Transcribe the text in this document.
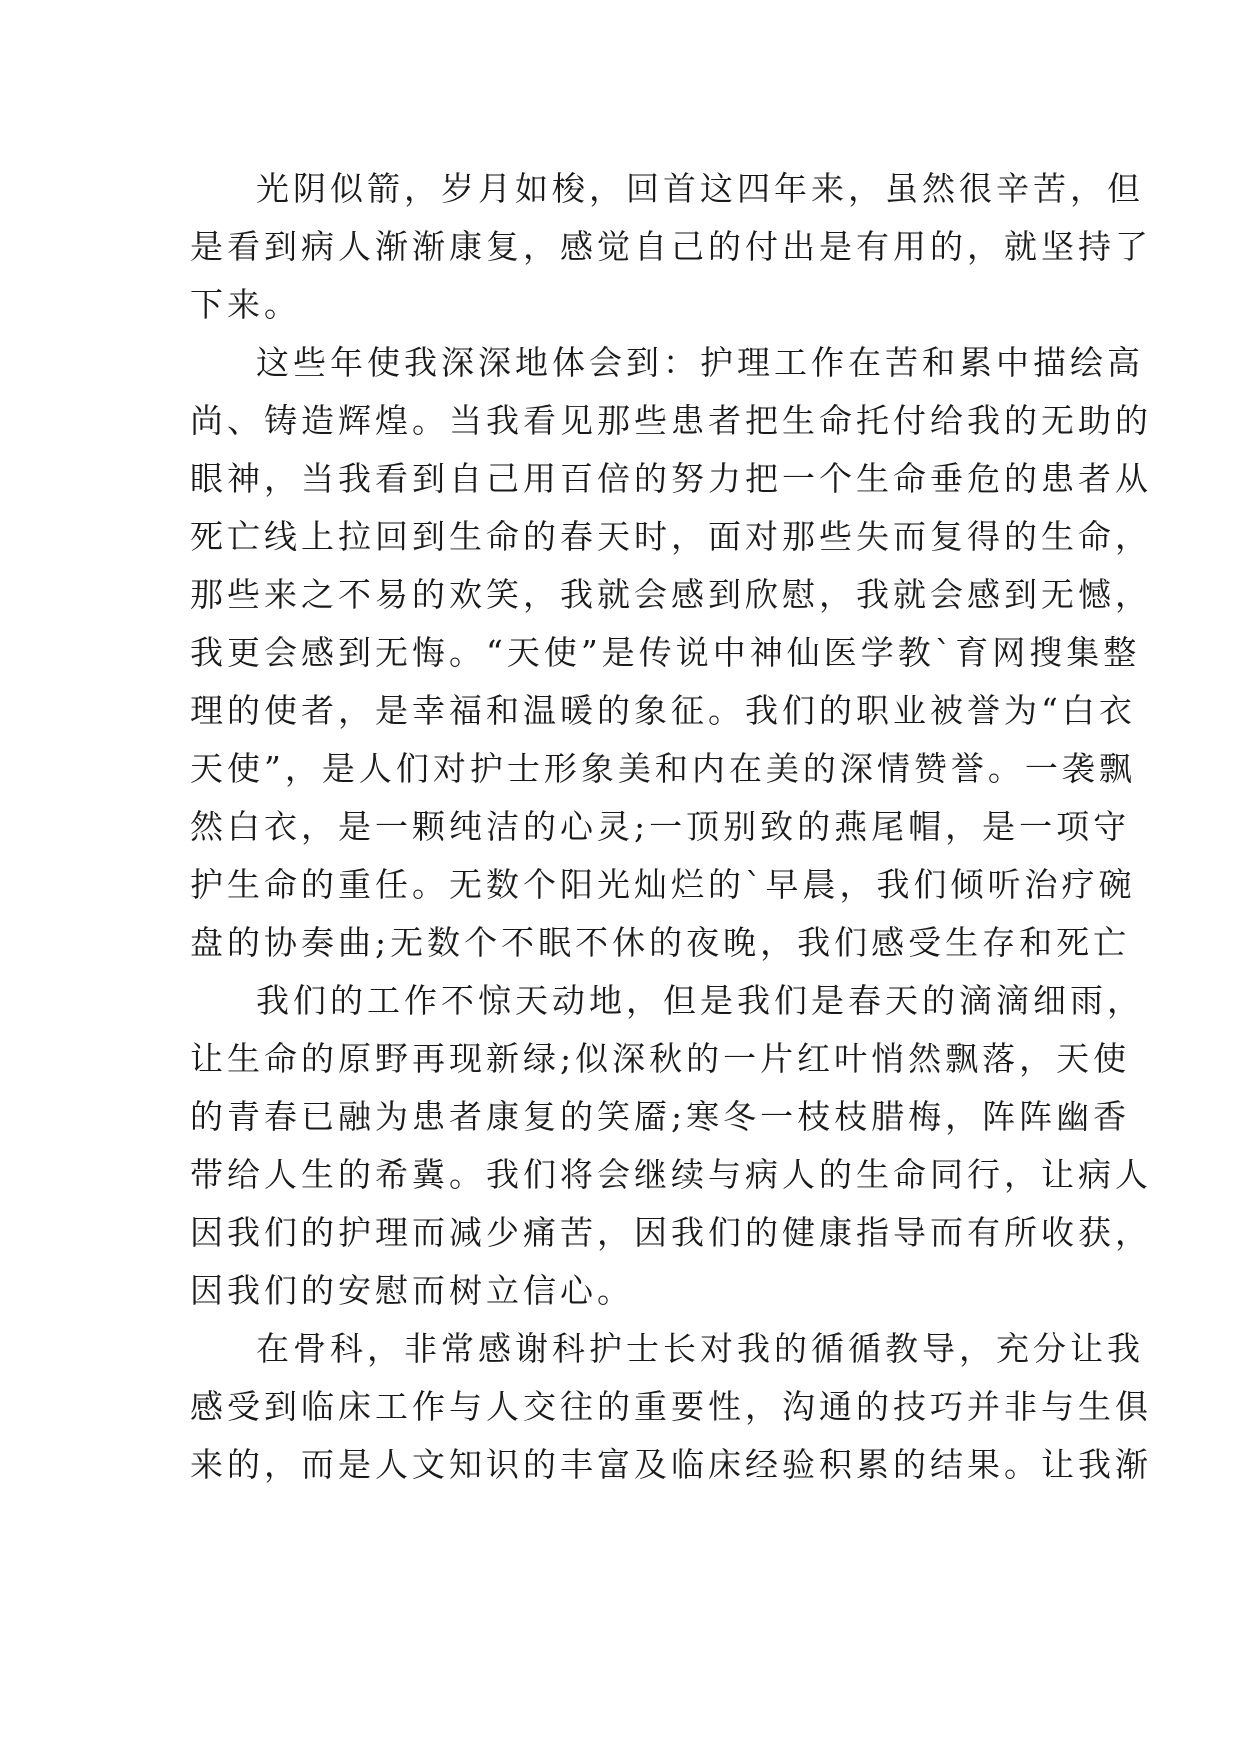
光阴似箭，岁月如梭，回首这四年来，虽然很辛苦，但
是看到病人渐渐康复，感觉自己的付出是有用的，就坚持了
下来。
这些年使我深深地体会到：护理工作在苦和累中描绘高
尚、铸造辉煌。当我看见那些患者把生命托付给我的无助的
眼神，当我看到自己用百倍的努力把一个生命垂危的患者从
死亡线上拉回到生命的春天时，面对那些失而复得的生命，
那些来之不易的欢笑，我就会感到欣慰，我就会感到无憾，
我更会感到无悔。“天使”是传说中神仙医学教`育网搜集整
理的使者，是幸福和温暖的象征。我们的职业被誉为“白衣
天使”，是人们对护士形象美和内在美的深情赞誉。一袭飘
然白衣，是一颗纯洁的心灵;一顶别致的燕尾帽，是一项守
护生命的重任。无数个阳光灿烂的`早晨，我们倾听治疗碗
盘的协奏曲;无数个不眠不休的夜晚，我们感受生存和死亡
我们的工作不惊天动地，但是我们是春天的滴滴细雨，
让生命的原野再现新绿;似深秋的一片红叶悄然飘落，天使
的青春已融为患者康复的笑靥;寒冬一枝枝腊梅，阵阵幽香
带给人生的希冀。我们将会继续与病人的生命同行，让病人
因我们的护理而减少痛苦，因我们的健康指导而有所收获，
因我们的安慰而树立信心。
在骨科，非常感谢科护士长对我的循循教导，充分让我
感受到临床工作与人交往的重要性，沟通的技巧并非与生俱
来的，而是人文知识的丰富及临床经验积累的结果。让我渐
